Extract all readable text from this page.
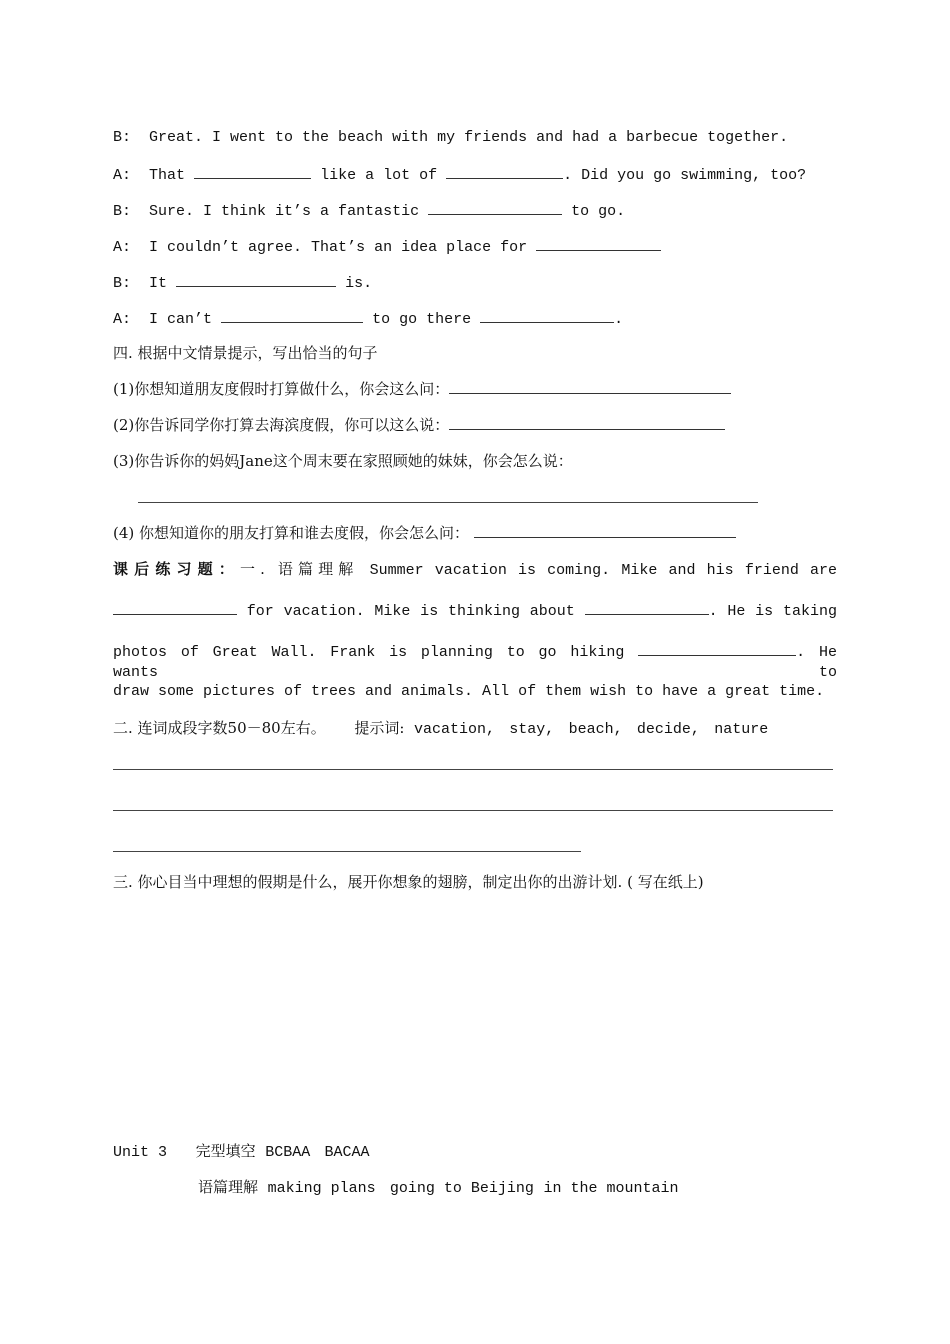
B: Great. I went to the beach with my friends and had a barbecue together.
A: That	like a lot of	. Did you go swimming, too?
B: Sure. I think it’s a fantastic	to go.
A: I couldn’t agree. That’s an idea place for
B: It	is.
A: I can’t	to go there	.
四. 根据中文情景提示，写出恰当的句子
(1)你想知道朋友度假时打算做什么，你会这么问：
(2)你告诉同学你打算去海滨度假，你可以这么说：
(3)你告诉你的妈妈Jane这个周末要在家照顾她的妹妹，你会怎么说：
(4) 你想知道你的朋友打算和谁去度假，你会怎么问：
课后练习题：一. 语篇理解 Summer vacation is coming. Mike and his friend are
for vacation. Mike is thinking about	. He is taking
photos of Great Wall. Frank is planning to go hiking	. He wants to
draw some pictures of trees and animals. All of them wish to have a great time.
二. 连词成段字数50－80左右。 提示词: vacation, stay, beach, decide, nature
三. 你心目当中理想的假期是什么，展开你想象的翅膀，制定出你的出游计划. ( 写在纸上)
Unit 3 完型填空 BCBAA BACAA
语篇理解 making plans going to Beijing in the mountain
